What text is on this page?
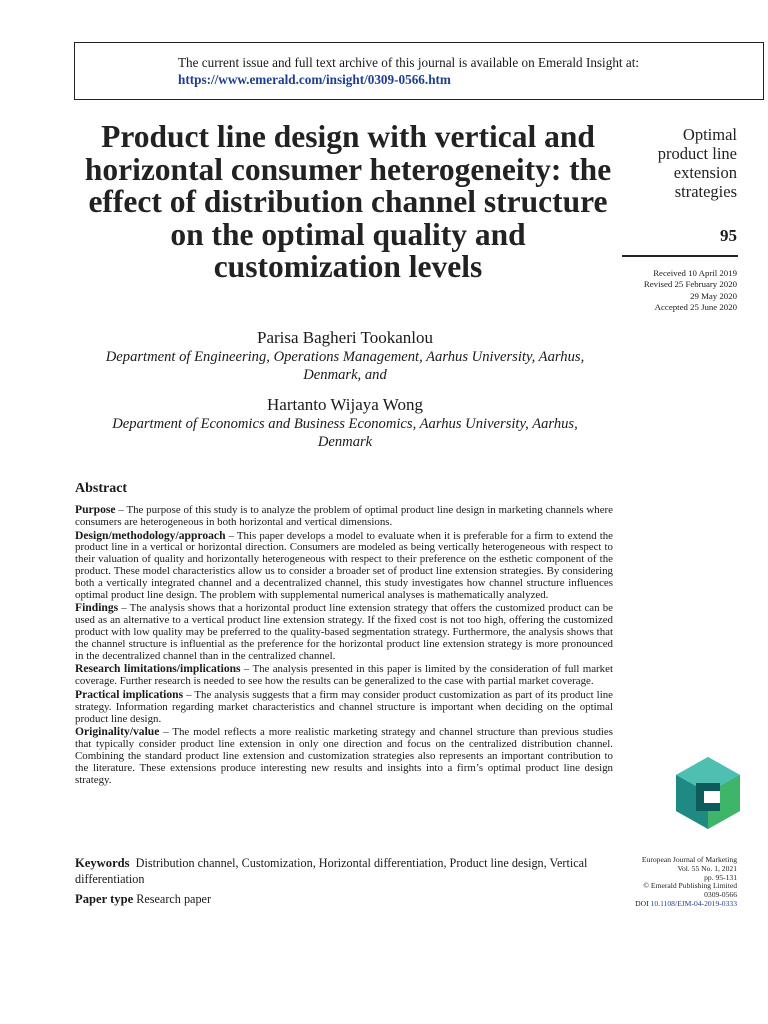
The current issue and full text archive of this journal is available on Emerald Insight at:
https://www.emerald.com/insight/0309-0566.htm
Product line design with vertical and horizontal consumer heterogeneity: the effect of distribution channel structure on the optimal quality and customization levels
Parisa Bagheri Tookanlou
Department of Engineering, Operations Management, Aarhus University, Aarhus, Denmark, and
Hartanto Wijaya Wong
Department of Economics and Business Economics, Aarhus University, Aarhus, Denmark
Optimal
product line
extension
strategies
95
Received 10 April 2019
Revised 25 February 2020
29 May 2020
Accepted 25 June 2020
Abstract

Purpose – The purpose of this study is to analyze the problem of optimal product line design in marketing channels where consumers are heterogeneous in both horizontal and vertical dimensions.

Design/methodology/approach – This paper develops a model to evaluate when it is preferable for a firm to extend the product line in a vertical or horizontal direction. Consumers are modeled as being vertically heterogeneous with respect to their valuation of quality and horizontally heterogeneous with respect to their preference on the esthetic component of the product. These model characteristics allow us to consider a broader set of product line extension strategies. By considering both a vertically integrated channel and a decentralized channel, this study investigates how channel structure influences optimal product line design. The problem with supplemental numerical analyses is mathematically analyzed.

Findings – The analysis shows that a horizontal product line extension strategy that offers the customized product can be used as an alternative to a vertical product line extension strategy. If the fixed cost is not too high, offering the customized product with low quality may be preferred to the quality-based segmentation strategy. Furthermore, the analysis shows that the channel structure is influential as the preference for the horizontal product line extension strategy is more pronounced in the decentralized channel than in the centralized channel.

Research limitations/implications – The analysis presented in this paper is limited by the consideration of full market coverage. Further research is needed to see how the results can be generalized to the case with partial market coverage.

Practical implications – The analysis suggests that a firm may consider product customization as part of its product line strategy. Information regarding market characteristics and channel structure is important when deciding on the optimal product line design.

Originality/value – The model reflects a more realistic marketing strategy and channel structure than previous studies that typically consider product line extension in only one direction and focus on the centralized distribution channel. Combining the standard product line extension and customization strategies also represents an important contribution to the literature. These extensions produce interesting new results and insights into a firm’s optimal product line design strategy.

Keywords Distribution channel, Customization, Horizontal differentiation, Product line design, Vertical differentiation
Paper type Research paper
European Journal of Marketing
Vol. 55 No. 1, 2021
pp. 95-131
© Emerald Publishing Limited
0309-0566
DOI 10.1108/EJM-04-2019-0333
